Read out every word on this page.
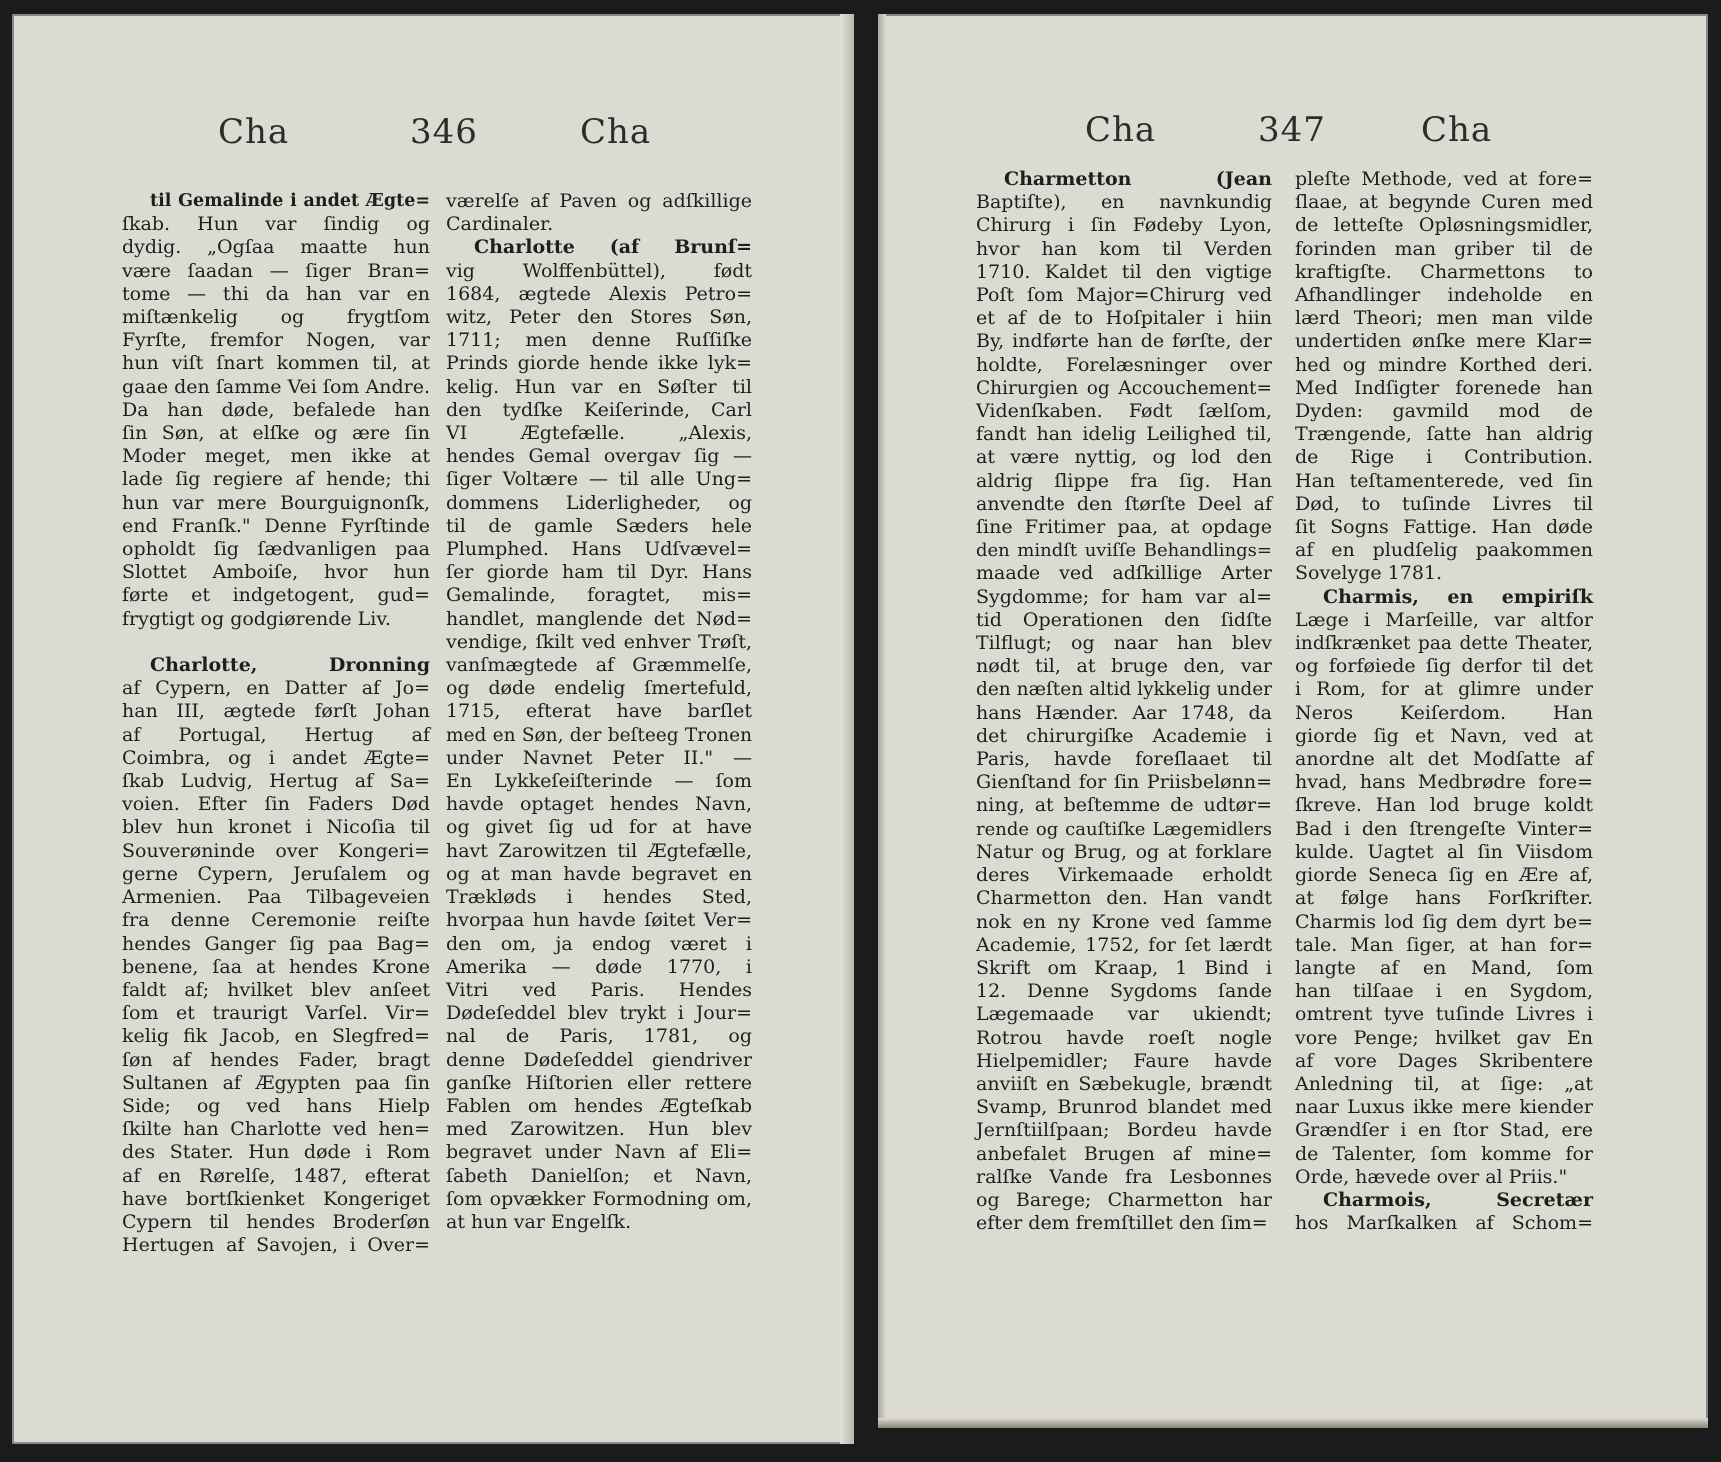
Cha	346	Cha
til Gemalinde i andet Ægte=
ſkab. Hun var ſindig og
dydig. „Ogſaa maatte hun
være ſaadan — ſiger Bran=
tome — thi da han var en
miſtænkelig og frygtſom
Fyrſte, fremfor Nogen, var
hun viſt ſnart kommen til, at
gaae den ſamme Vei ſom Andre.
Da han døde, befalede han
ſin Søn, at elſke og ære ſin
Moder meget, men ikke at
lade ſig regiere af hende; thi
hun var mere Bourguignonſk,
end Franſk." Denne Fyrſtinde
opholdt ſig ſædvanligen paa
Slottet Amboiſe, hvor hun
førte et indgetogent, gud=
frygtigt og godgiørende Liv.

Charlotte, Dronning
af Cypern, en Datter af Jo=
han III, ægtede førſt Johan
af Portugal, Hertug af
Coimbra, og i andet Ægte=
ſkab Ludvig, Hertug af Sa=
voien. Efter ſin Faders Død
blev hun kronet i Nicoſia til
Souverøninde over Kongeri=
gerne Cypern, Jeruſalem og
Armenien. Paa Tilbageveien
fra denne Ceremonie reiſte
hendes Ganger ſig paa Bag=
benene, ſaa at hendes Krone
faldt af; hvilket blev anſeet
ſom et traurigt Varſel. Vir=
kelig fik Jacob, en Slegfred=
ſøn af hendes Fader, bragt
Sultanen af Ægypten paa ſin
Side; og ved hans Hielp
ſkilte han Charlotte ved hen=
des Stater. Hun døde i Rom
af en Rørelſe, 1487, efterat
have bortſkienket Kongeriget
Cypern til hendes Broderſøn
Hertugen af Savojen, i Over=
værelſe af Paven og adſkillige
Cardinaler.
Charlotte (af Brunſ=
vig Wolffenbüttel), født
1684, ægtede Alexis Petro=
witz, Peter den Stores Søn,
1711; men denne Ruſſiſke
Prinds giorde hende ikke lyk=
kelig. Hun var en Søſter til
den tydſke Keiſerinde, Carl
VI Ægtefælle. „Alexis,
hendes Gemal overgav ſig —
ſiger Voltære — til alle Ung=
dommens Liderligheder, og
til de gamle Sæders hele
Plumphed. Hans Udſvævel=
ſer giorde ham til Dyr. Hans
Gemalinde, foragtet, mis=
handlet, manglende det Nød=
vendige, ſkilt ved enhver Trøſt,
vanſmægtede af Græmmelſe,
og døde endelig ſmertefuld,
1715, efterat have barſlet
med en Søn, der beſteeg Tronen
under Navnet Peter II." —
En Lykkeſeiſterinde — ſom
havde optaget hendes Navn,
og givet ſig ud for at have
havt Zarowitzen til Ægtefælle,
og at man havde begravet en
Trækløds i hendes Sted,
hvorpaa hun havde ſøitet Ver=
den om, ja endog været i
Amerika — døde 1770, i
Vitri ved Paris. Hendes
Dødeſeddel blev trykt i Jour=
nal de Paris, 1781, og
denne Dødeſeddel giendriver
ganſke Hiſtorien eller rettere
Fablen om hendes Ægteſkab
med Zarowitzen. Hun blev
begravet under Navn af Eli=
ſabeth Danielſon; et Navn,
ſom opvækker Formodning om,
at hun var Engelſk.
Cha	347	Cha
Charmetton (Jean
Baptiſte), en navnkundig
Chirurg i ſin Fødeby Lyon,
hvor han kom til Verden
1710. Kaldet til den vigtige
Poſt ſom Major=Chirurg ved
et af de to Hoſpitaler i hiin
By, indførte han de førſte, der
holdte, Forelæsninger over
Chirurgien og Accouchement=
Videnſkaben. Født ſælſom,
fandt han idelig Leilighed til,
at være nyttig, og lod den
aldrig ſlippe fra ſig. Han
anvendte den ſtørſte Deel af
ſine Fritimer paa, at opdage
den mindſt uviſſe Behandlings=
maade ved adſkillige Arter
Sygdomme; for ham var al=
tid Operationen den ſidſte
Tilflugt; og naar han blev
nødt til, at bruge den, var
den næſten altid lykkelig under
hans Hænder. Aar 1748, da
det chirurgiſke Academie i
Paris, havde foreſlaaet til
Gienſtand for ſin Priisbelønn=
ning, at beſtemme de udtør=
rende og cauſtiſke Lægemidlers
Natur og Brug, og at forklare
deres Virkemaade erholdt
Charmetton den. Han vandt
nok en ny Krone ved ſamme
Academie, 1752, for ſet lærdt
Skrift om Kraap, 1 Bind i
12. Denne Sygdoms ſande
Lægemaade var ukiendt;
Rotrou havde roeſt nogle
Hielpemidler; Faure havde
anviiſt en Sæbekugle, brændt
Svamp, Brunrod blandet med
Jernſtiilſpaan; Bordeu havde
anbefalet Brugen af mine=
ralſke Vande fra Lesbonnes
og Barege; Charmetton har
efter dem fremſtillet den ſim=
pleſte Methode, ved at fore=
ſlaae, at begynde Curen med
de letteſte Opløsningsmidler,
forinden man griber til de
kraftigſte. Charmettons to
Afhandlinger indeholde en
lærd Theori; men man vilde
undertiden ønſke mere Klar=
hed og mindre Korthed deri.
Med Indſigter forenede han
Dyden: gavmild mod de
Trængende, ſatte han aldrig
de Rige i Contribution.
Han teſtamenterede, ved ſin
Død, to tuſinde Livres til
ſit Sogns Fattige. Han døde
af en pludſelig paakommen
Sovelyge 1781.
Charmis, en empiriſk
Læge i Marſeille, var altfor
indſkrænket paa dette Theater,
og forføiede ſig derfor til det
i Rom, for at glimre under
Neros Keiſerdom. Han
giorde ſig et Navn, ved at
anordne alt det Modſatte af
hvad, hans Medbrødre fore=
ſkreve. Han lod bruge koldt
Bad i den ſtrengeſte Vinter=
kulde. Uagtet al ſin Viisdom
giorde Seneca ſig en Ære af,
at følge hans Forſkrifter.
Charmis lod ſig dem dyrt be=
tale. Man ſiger, at han for=
langte af en Mand, ſom
han tilſaae i en Sygdom,
omtrent tyve tuſinde Livres i
vore Penge; hvilket gav En
af vore Dages Skribentere
Anledning til, at ſige: „at
naar Luxus ikke mere kiender
Grændſer i en ſtor Stad, ere
de Talenter, ſom komme for
Orde, hævede over al Priis."
Charmois, Secretær
hos Marſkalken af Schom=
